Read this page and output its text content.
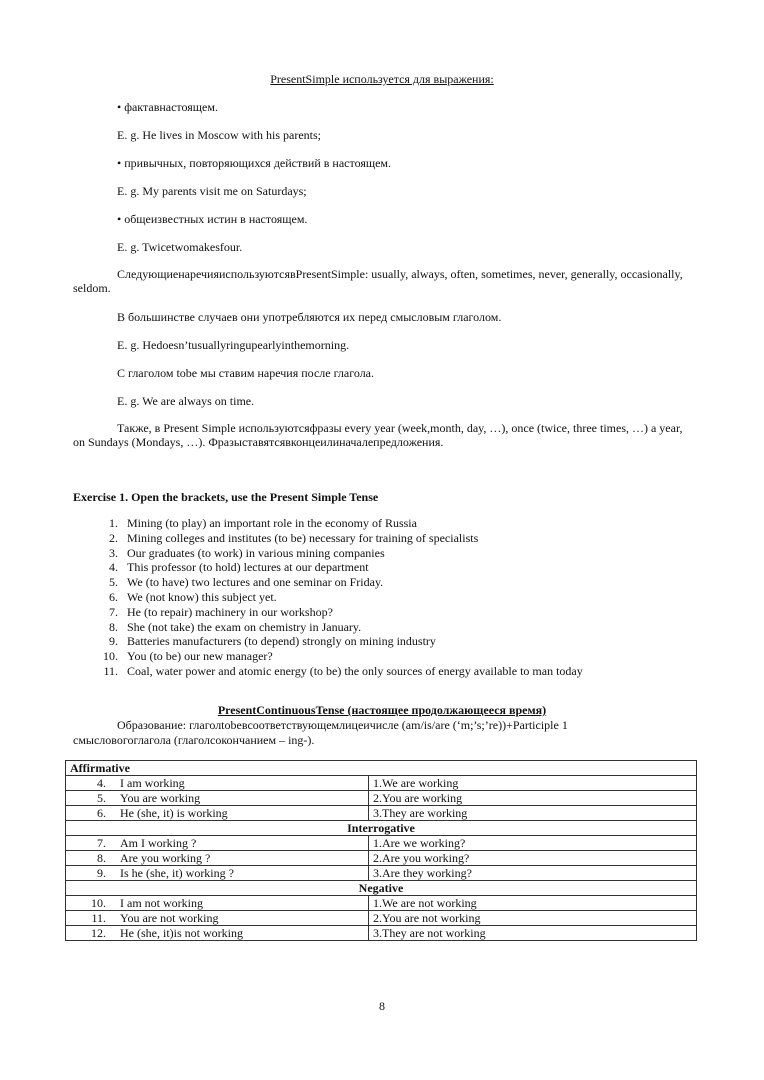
PresentSimple используется для выражения:
• фактавнастоящем.
E. g. He lives in Moscow with his parents;
• привычных, повторяющихся действий в настоящем.
E. g. My parents visit me on Saturdays;
• общеизвестных истин в настоящем.
E. g. Twicetwomakesfour.
СледующиенаречияиспользуютсявPresentSimple: usually, always, often, sometimes, never, generally, occasionally, seldom.
В большинстве случаев они употребляются их перед смысловым глаголом.
E. g. Hedoesn’tusuallyringupearlyinthemorning.
С глаголом tobe мы ставим наречия после глагола.
E. g. We are always on time.
Также, в Present Simple используютсяфразы every year (week,month, day, …), once (twice, three times, …) a year, on Sundays (Mondays, …). Фразыставятсявконцеилиначалепредложения.
Exercise 1. Open the brackets, use the Present Simple Tense
1. Mining (to play) an important role in the economy of Russia
2. Mining colleges and institutes (to be) necessary for training of specialists
3. Our graduates (to work) in various mining companies
4. This professor (to hold) lectures at our department
5. We (to have) two lectures and one seminar on Friday.
6. We (not know) this subject yet.
7. He (to repair) machinery in our workshop?
8. She (not take) the exam on chemistry in January.
9. Batteries manufacturers (to depend) strongly on mining industry
10. You (to be) our new manager?
11. Coal, water power and atomic energy (to be) the only sources of energy available to man today
PresentContinuousTense (настоящее продолжающееся время)
Образование: глаголtobeвсоответствующемлицеичисле (am/is/are (‘m;’s;’re))+Participle 1
смысловогоглагола (глаголсокончанием – ing-).
Affirmative	
4. I am working	1.We are working
5. You are working	2.You are working
6. He (she, it) is working	3.They are working
Interrogative	
7. Am I working ?	1.Are we working?
8. Are you working ?	2.Are you working?
9. Is he (she, it) working ?	3.Are they working?
Negative	
10. I am not working	1.We are not working
11. You are not working	2.You are not working
12. He (she, it)is not working	3.They are not working
8
